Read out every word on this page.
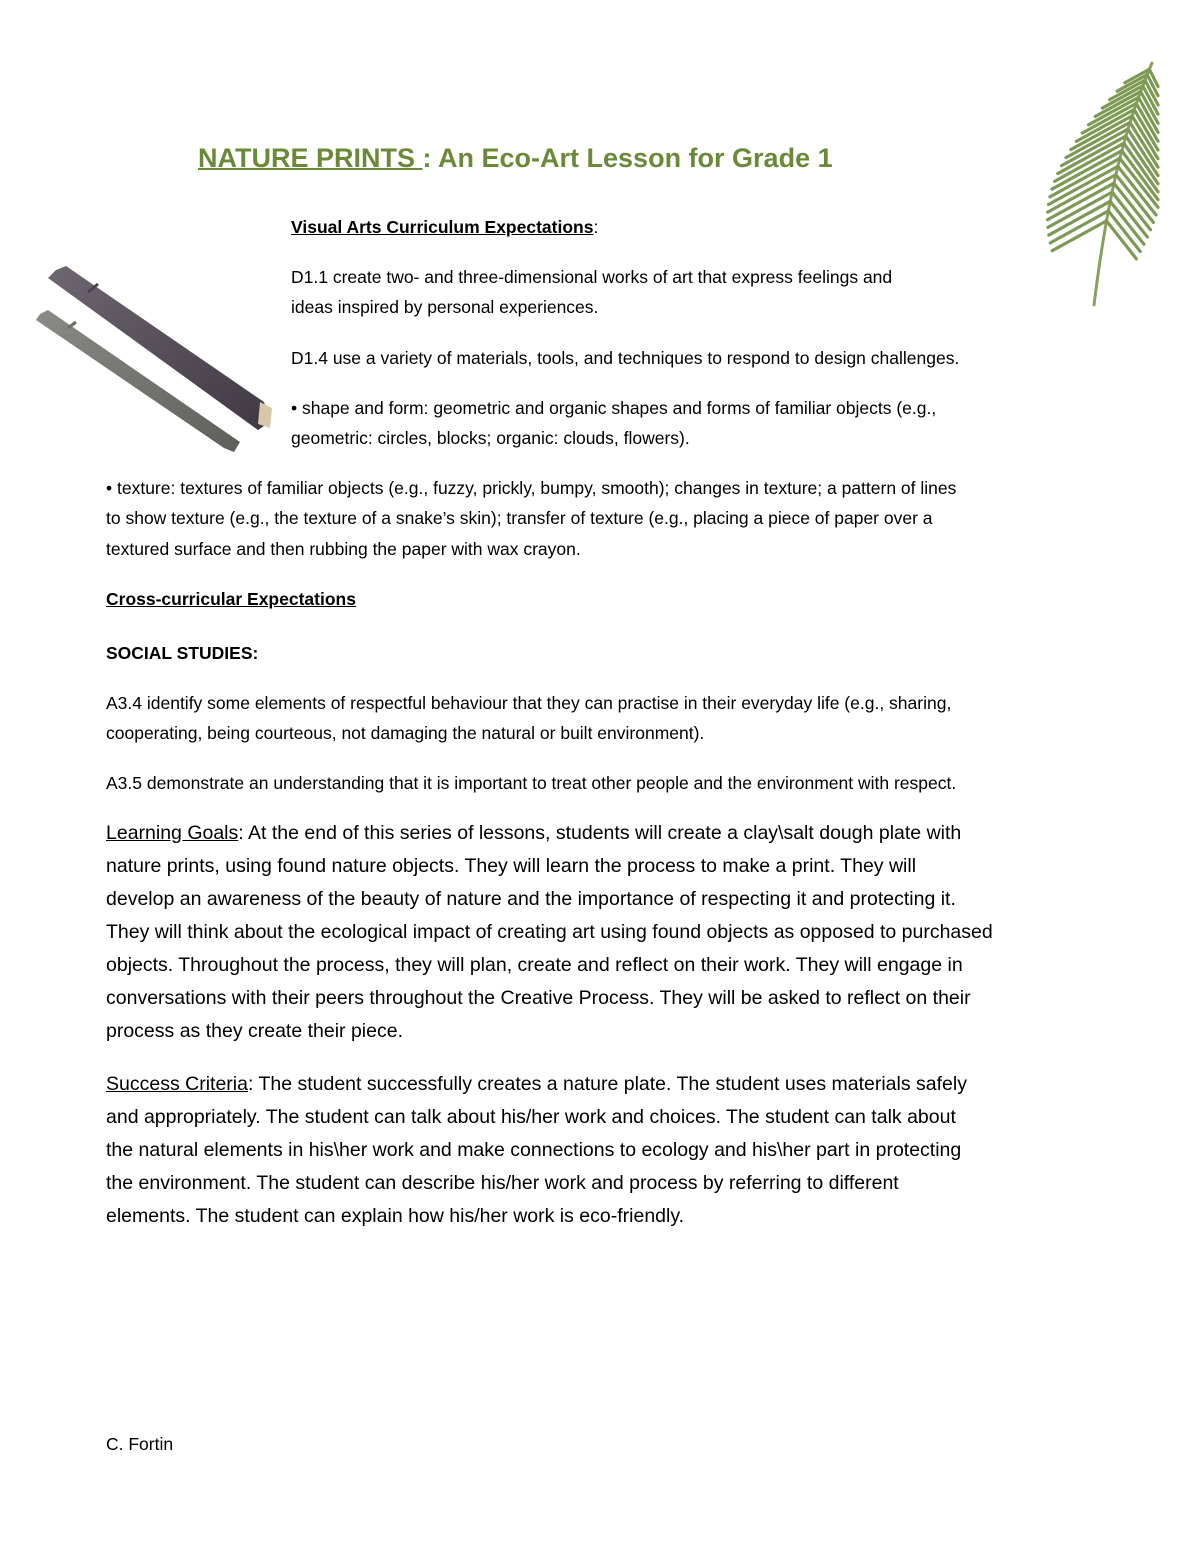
NATURE PRINTS : An Eco-Art Lesson for Grade 1

Visual Arts Curriculum Expectations:

D1.1 create two- and three-dimensional works of art that express feelings and

ideas inspired by personal experiences.

D1.4 use a variety of materials, tools, and techniques to respond to design challenges.

• shape and form: geometric and organic shapes and forms of familiar objects (e.g.,

geometric: circles, blocks; organic: clouds, flowers).

• texture: textures of familiar objects (e.g., fuzzy, prickly, bumpy, smooth); changes in texture; a pattern of lines

to show texture (e.g., the texture of a snake’s skin); transfer of texture (e.g., placing a piece of paper over a

textured surface and then rubbing the paper with wax crayon.

Cross-curricular Expectations

SOCIAL STUDIES:

A3.4 identify some elements of respectful behaviour that they can practise in their everyday life (e.g., sharing,

cooperating, being courteous, not damaging the natural or built environment).

A3.5 demonstrate an understanding that it is important to treat other people and the environment with respect.

Learning Goals: At the end of this series of lessons, students will create a clay\salt dough plate with

nature prints, using found nature objects. They will learn the process to make a print. They will

develop an awareness of the beauty of nature and the importance of respecting it and protecting it.

They will think about the ecological impact of creating art using found objects as opposed to purchased

objects. Throughout the process, they will plan, create and reflect on their work. They will engage in

conversations with their peers throughout the Creative Process. They will be asked to reflect on their

process as they create their piece.

Success Criteria: The student successfully creates a nature plate. The student uses materials safely

and appropriately. The student can talk about his/her work and choices. The student can talk about

the natural elements in his\her work and make connections to ecology and his\her part in protecting

the environment. The student can describe his/her work and process by referring to different

elements. The student can explain how his/her work is eco-friendly.

C. Fortin
